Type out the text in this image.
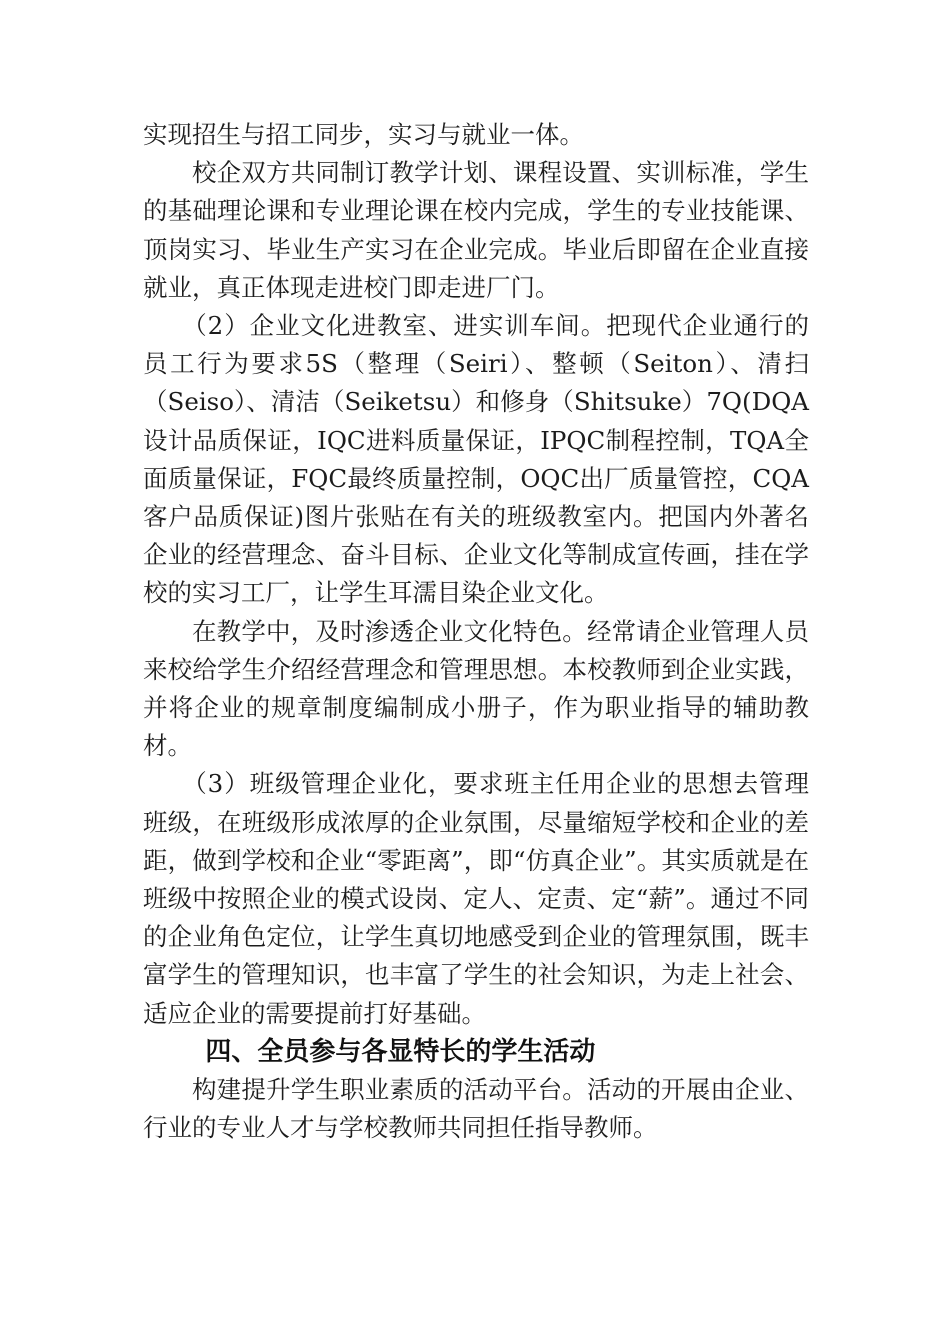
实现招生与招工同步，实习与就业一体。

校企双方共同制订教学计划、课程设置、实训标准，学生的基础理论课和专业理论课在校内完成，学生的专业技能课、顶岗实习、毕业生产实习在企业完成。毕业后即留在企业直接就业，真正体现走进校门即走进厂门。

（2）企业文化进教室、进实训车间。把现代企业通行的员工行为要求5S（整理（Seiri）、整顿（Seiton）、清扫（Seiso）、清洁（Seiketsu）和修身（Shitsuke）7Q(DQA设计品质保证，IQC进料质量保证，IPQC制程控制，TQA全面质量保证，FQC最终质量控制，OQC出厂质量管控，CQA客户品质保证)图片张贴在有关的班级教室内。把国内外著名企业的经营理念、奋斗目标、企业文化等制成宣传画，挂在学校的实习工厂，让学生耳濡目染企业文化。

在教学中，及时渗透企业文化特色。经常请企业管理人员来校给学生介绍经营理念和管理思想。本校教师到企业实践，并将企业的规章制度编制成小册子，作为职业指导的辅助教材。

（3）班级管理企业化，要求班主任用企业的思想去管理班级，在班级形成浓厚的企业氛围，尽量缩短学校和企业的差距，做到学校和企业“零距离”，即“仿真企业”。其实质就是在班级中按照企业的模式设岗、定人、定责、定“薪”。通过不同的企业角色定位，让学生真切地感受到企业的管理氛围，既丰富学生的管理知识，也丰富了学生的社会知识，为走上社会、适应企业的需要提前打好基础。

四、全员参与各显特长的学生活动

构建提升学生职业素质的活动平台。活动的开展由企业、行业的专业人才与学校教师共同担任指导教师。
